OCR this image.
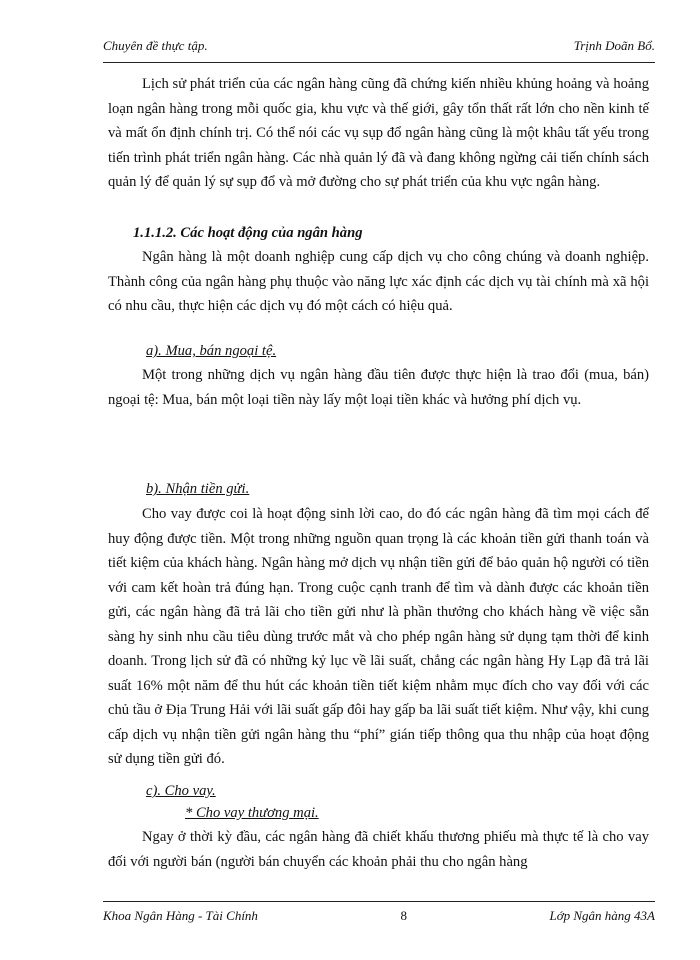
Chuyên đề thực tập.	Trịnh Doãn Bổ.

Lịch sử phát triển của các ngân hàng cũng đã chứng kiến nhiều khủng hoảng và hoảng loạn ngân hàng trong mỗi quốc gia, khu vực và thế giới, gây tổn thất rất lớn cho nền kinh tế và mất ổn định chính trị. Có thể nói các vụ sụp đổ ngân hàng cũng là một khâu tất yếu trong tiến trình phát triển ngân hàng. Các nhà quản lý đã và đang không ngừng cải tiến chính sách quản lý để quản lý sự sụp đổ và mở đường cho sự phát triển của khu vực ngân hàng.

1.1.1.2. Các hoạt động của ngân hàng

Ngân hàng là một doanh nghiệp cung cấp dịch vụ cho công chúng và doanh nghiệp. Thành công của ngân hàng phụ thuộc vào năng lực xác định các dịch vụ tài chính mà xã hội có nhu cầu, thực hiện các dịch vụ đó một cách có hiệu quả.

a). Mua, bán ngoại tệ.

Một trong những dịch vụ ngân hàng đầu tiên được thực hiện là trao đổi (mua, bán) ngoại tệ: Mua, bán một loại tiền này lấy một loại tiền khác và hưởng phí dịch vụ.

b). Nhận tiền gửi.

Cho vay được coi là hoạt động sinh lời cao, do đó các ngân hàng đã tìm mọi cách để huy động được tiền. Một trong những nguồn quan trọng là các khoản tiền gửi thanh toán và tiết kiệm của khách hàng. Ngân hàng mở dịch vụ nhận tiền gửi để bảo quản hộ người có tiền với cam kết hoàn trả đúng hạn. Trong cuộc cạnh tranh để tìm và dành được các khoản tiền gửi, các ngân hàng đã trả lãi cho tiền gửi như là phần thưởng cho khách hàng về việc sẵn sàng hy sinh nhu cầu tiêu dùng trước mắt và cho phép ngân hàng sử dụng tạm thời để kinh doanh. Trong lịch sử đã có những kỷ lục về lãi suất, chẳng các ngân hàng Hy Lạp đã trả lãi suất 16% một năm để thu hút các khoản tiền tiết kiệm nhằm mục đích cho vay đối với các chủ tầu ở Địa Trung Hải với lãi suất gấp đôi hay gấp ba lãi suất tiết kiệm. Như vậy, khi cung cấp dịch vụ nhận tiền gửi ngân hàng thu “phí” gián tiếp thông qua thu nhập của hoạt động sử dụng tiền gửi đó.

c). Cho vay.
* Cho vay thương mại.

Ngay ở thời kỳ đầu, các ngân hàng đã chiết khấu thương phiếu mà thực tế là cho vay đối với người bán (người bán chuyển các khoản phải thu cho ngân hàng

Khoa Ngân Hàng - Tài Chính	8	Lớp Ngân hàng 43A
